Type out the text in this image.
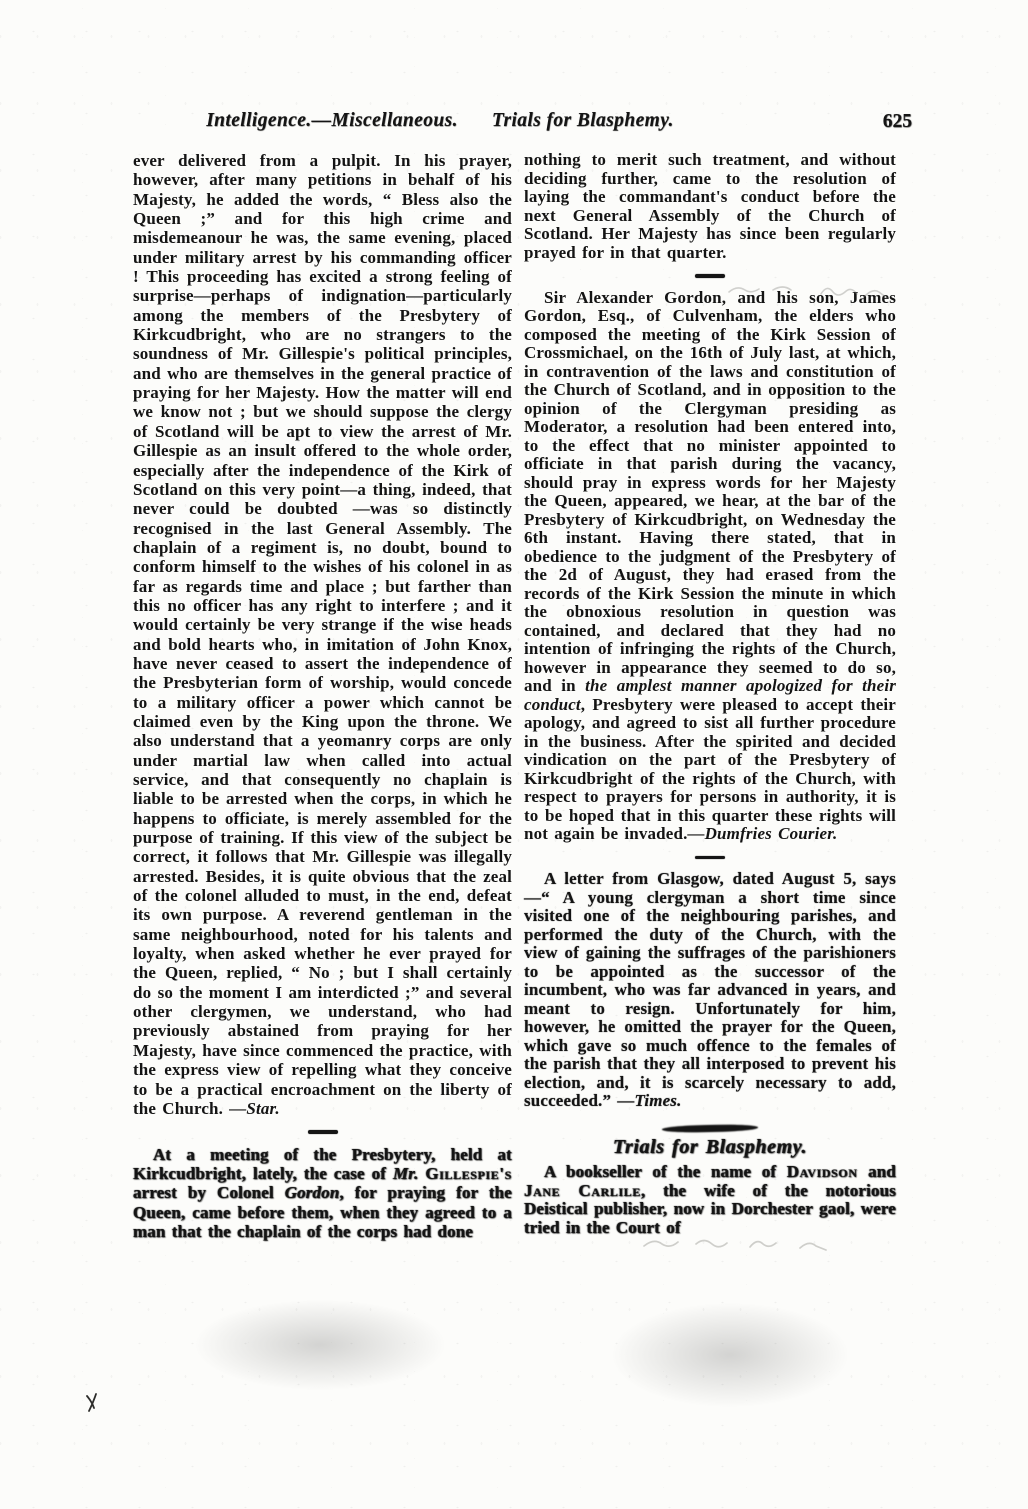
Intelligence.—Miscellaneous. Trials for Blasphemy.	625
ever delivered from a pulpit. In his prayer, however, after many petitions in behalf of his Majesty, he added the words, “ Bless also the Queen ;” and for this high crime and misdemeanour he was, the same evening, placed under military arrest by his commanding officer ! This proceeding has excited a strong feeling of surprise—perhaps of indignation—particularly among the members of the Presbytery of Kirkcudbright, who are no strangers to the soundness of Mr. Gillespie's political principles, and who are themselves in the general practice of praying for her Majesty. How the matter will end we know not ; but we should suppose the clergy of Scotland will be apt to view the arrest of Mr. Gillespie as an insult offered to the whole order, especially after the independence of the Kirk of Scotland on this very point—a thing, indeed, that never could be doubted —was so distinctly recognised in the last General Assembly. The chaplain of a regiment is, no doubt, bound to conform himself to the wishes of his colonel in as far as regards time and place ; but farther than this no officer has any right to interfere ; and it would certainly be very strange if the wise heads and bold hearts who, in imitation of John Knox, have never ceased to assert the independence of the Presbyterian form of worship, would concede to a military officer a power which cannot be claimed even by the King upon the throne. We also understand that a yeomanry corps are only under martial law when called into actual service, and that consequently no chaplain is liable to be arrested when the corps, in which he happens to officiate, is merely assembled for the purpose of training. If this view of the subject be correct, it follows that Mr. Gillespie was illegally arrested. Besides, it is quite obvious that the zeal of the colonel alluded to must, in the end, defeat its own purpose. A reverend gentleman in the same neighbourhood, noted for his talents and loyalty, when asked whether he ever prayed for the Queen, replied, “ No ; but I shall certainly do so the moment I am interdicted ;” and several other clergymen, we understand, who had previously abstained from praying for her Majesty, have since commenced the practice, with the express view of repelling what they conceive to be a practical encroachment on the liberty of the Church. —Star.
At a meeting of the Presbytery, held at Kirkcudbright, lately, the case of Mr. Gillespie's arrest by Colonel Gordon, for praying for the Queen, came before them, when they agreed to a man that the chaplain of the corps had done
nothing to merit such treatment, and without deciding further, came to the resolution of laying the commandant's conduct before the next General Assembly of the Church of Scotland. Her Majesty has since been regularly prayed for in that quarter.
Sir Alexander Gordon, and his son, James Gordon, Esq., of Culvenham, the elders who composed the meeting of the Kirk Session of Crossmichael, on the 16th of July last, at which, in contravention of the laws and constitution of the Church of Scotland, and in opposition to the opinion of the Clergyman presiding as Moderator, a resolution had been entered into, to the effect that no minister appointed to officiate in that parish during the vacancy, should pray in express words for her Majesty the Queen, appeared, we hear, at the bar of the Presbytery of Kirkcudbright, on Wednesday the 6th instant. Having there stated, that in obedience to the judgment of the Presbytery of the 2d of August, they had erased from the records of the Kirk Session the minute in which the obnoxious resolution in question was contained, and declared that they had no intention of infringing the rights of the Church, however in appearance they seemed to do so, and in the amplest manner apologized for their conduct, Presbytery were pleased to accept their apology, and agreed to sist all further procedure in the business. After the spirited and decided vindication on the part of the Presbytery of Kirkcudbright of the rights of the Church, with respect to prayers for persons in authority, it is to be hoped that in this quarter these rights will not again be invaded.—Dumfries Courier.
A letter from Glasgow, dated August 5, says—“ A young clergyman a short time since visited one of the neighbouring parishes, and performed the duty of the Church, with the view of gaining the suffrages of the parishioners to be appointed as the successor of the incumbent, who was far advanced in years, and meant to resign. Unfortunately for him, however, he omitted the prayer for the Queen, which gave so much offence to the females of the parish that they all interposed to prevent his election, and, it is scarcely necessary to add, succeeded.” —Times.
Trials for Blasphemy.
A bookseller of the name of Davidson and Jane Carlile, the wife of the notorious Deistical publisher, now in Dorchester gaol, were tried in the Court of
